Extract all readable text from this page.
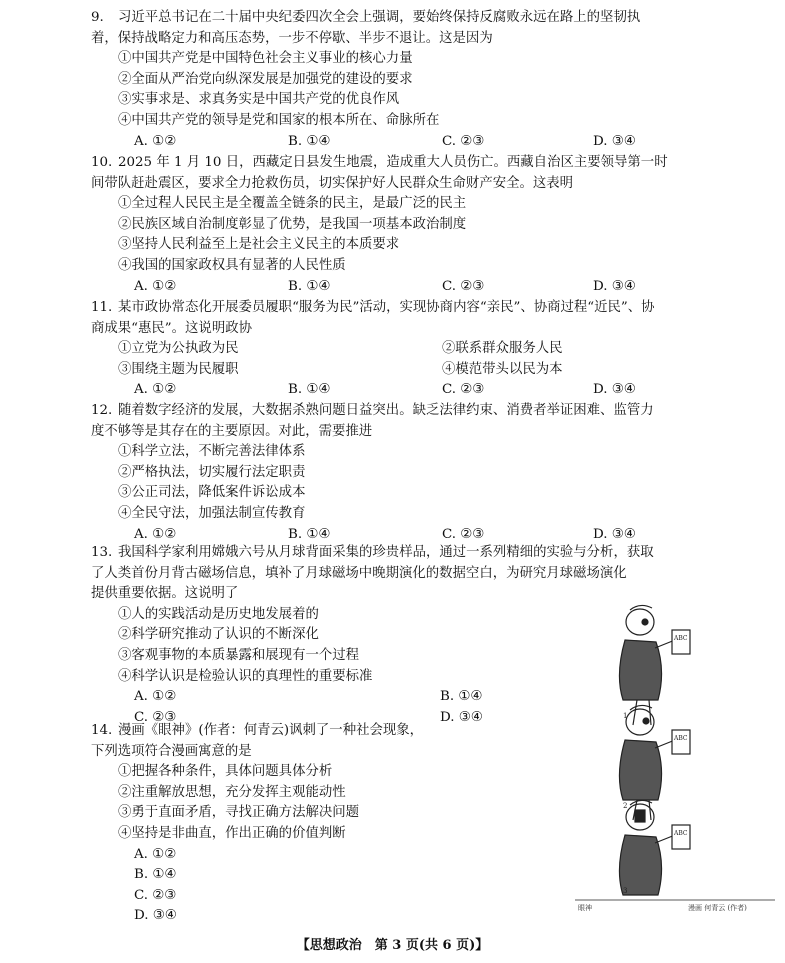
9. 习近平总书记在二十届中央纪委四次全会上强调，要始终保持反腐败永远在路上的坚韧执
着，保持战略定力和高压态势，一步不停歇、半步不退让。这是因为
①中国共产党是中国特色社会主义事业的核心力量
②全面从严治党向纵深发展是加强党的建设的要求
③实事求是、求真务实是中国共产党的优良作风
④中国共产党的领导是党和国家的根本所在、命脉所在
A. ①②	B. ①④	C. ②③	D. ③④
10. 2025 年 1 月 10 日，西藏定日县发生地震，造成重大人员伤亡。西藏自治区主要领导第一时
间带队赶赴震区，要求全力抢救伤员，切实保护好人民群众生命财产安全。这表明
①全过程人民民主是全覆盖全链条的民主，是最广泛的民主
②民族区域自治制度彰显了优势，是我国一项基本政治制度
③坚持人民利益至上是社会主义民主的本质要求
④我国的国家政权具有显著的人民性质
A. ①②	B. ①④	C. ②③	D. ③④
11. 某市政协常态化开展委员履职“服务为民”活动，实现协商内容“亲民”、协商过程“近民”、协
商成果“惠民”。这说明政协
①立党为公执政为民	②联系群众服务人民
③围绕主题为民履职	④模范带头以民为本
A. ①②	B. ①④	C. ②③	D. ③④
12. 随着数字经济的发展，大数据杀熟问题日益突出。缺乏法律约束、消费者举证困难、监管力
度不够等是其存在的主要原因。对此，需要推进
①科学立法，不断完善法律体系
②严格执法，切实履行法定职责
③公正司法，降低案件诉讼成本
④全民守法，加强法制宣传教育
A. ①②	B. ①④	C. ②③	D. ③④
13. 我国科学家利用嫦娥六号从月球背面采集的珍贵样品，通过一系列精细的实验与分析，获取
了人类首份月背古磁场信息，填补了月球磁场中晚期演化的数据空白，为研究月球磁场演化
提供重要依据。这说明了
①人的实践活动是历史地发展着的
②科学研究推动了认识的不断深化
③客观事物的本质暴露和展现有一个过程
④科学认识是检验认识的真理性的重要标准
A. ①②	B. ①④
C. ②③	D. ③④
14. 漫画《眼神》(作者：何青云)讽刺了一种社会现象，
下列选项符合漫画寓意的是
①把握各种条件，具体问题具体分析
②注重解放思想，充分发挥主观能动性
③勇于直面矛盾，寻找正确方法解决问题
④坚持是非曲直，作出正确的价值判断
A. ①②
B. ①④
C. ②③
D. ③④
ABC
1
ABC
2
ABC
3
眼神	漫画 何青云 (作者)
【思想政治　第 3 页(共 6 页)】
